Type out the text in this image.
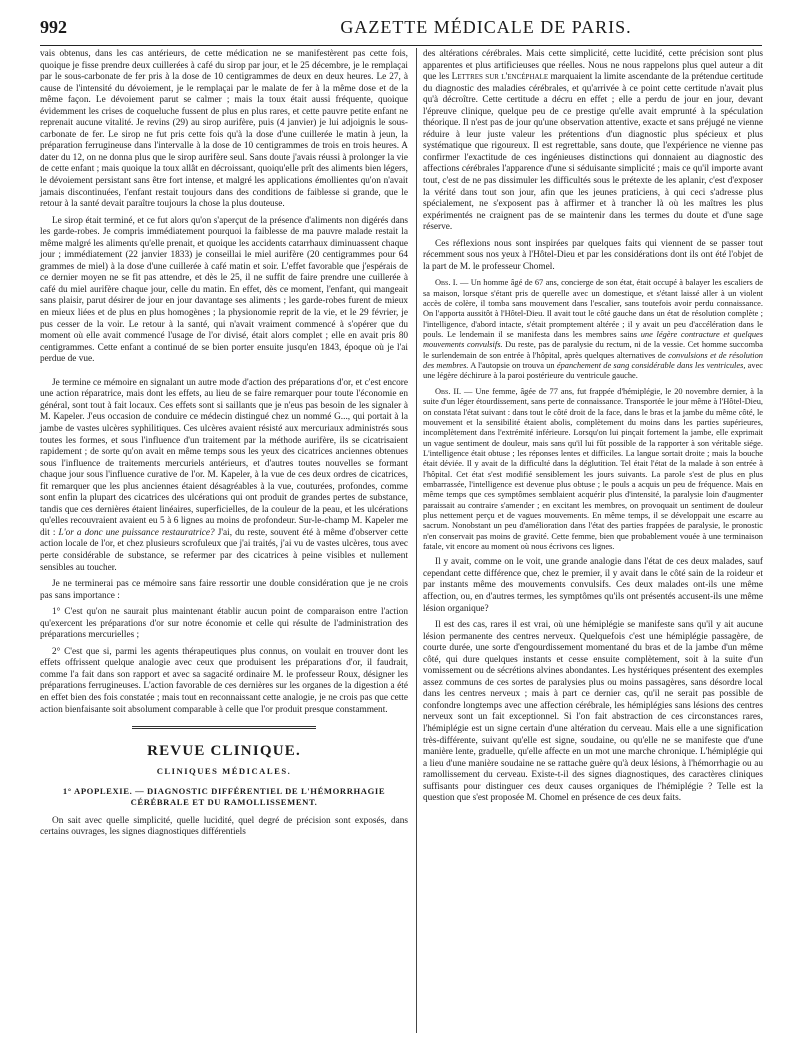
992	GAZETTE MÉDICALE DE PARIS.

vais obtenus, dans les cas antérieurs, de cette médication ne se manifestèrent pas cette fois, quoique je fisse prendre deux cuillerées à café du sirop par jour, et le 25 décembre, je le remplaçai par le sous-carbonate de fer pris à la dose de 10 centigrammes de deux en deux heures. Le 27, à cause de l'intensité du dévoiement, je le remplaçai par le malate de fer à la même dose et de la même façon. Le dévoiement parut se calmer ; mais la toux était aussi fréquente, quoique évidemment les crises de coqueluche fussent de plus en plus rares, et cette pauvre petite enfant ne reprenait aucune vitalité. Je revins (29) au sirop aurifère, puis (4 janvier) je lui adjoignis le sous-carbonate de fer. Le sirop ne fut pris cette fois qu'à la dose d'une cuillerée le matin à jeun, la préparation ferrugineuse dans l'intervalle à la dose de 10 centigrammes de trois en trois heures. A dater du 12, on ne donna plus que le sirop aurifère seul. Sans doute j'avais réussi à prolonger la vie de cette enfant ; mais quoique la toux allât en décroissant, quoiqu'elle prît des aliments bien légers, le dévoiement persistant sans être fort intense, et malgré les applications émollientes qu'on n'avait jamais discontinuées, l'enfant restait toujours dans des conditions de faiblesse si grande, que le retour à la santé devait paraître toujours la chose la plus douteuse.

Le sirop était terminé, et ce fut alors qu'on s'aperçut de la présence d'aliments non digérés dans les garde-robes. Je compris immédiatement pourquoi la faiblesse de ma pauvre malade restait la même malgré les aliments qu'elle prenait, et quoique les accidents catarrhaux diminuassent chaque jour ; immédiatement (22 janvier 1833) je conseillai le miel aurifère (20 centigrammes pour 64 grammes de miel) à la dose d'une cuillerée à café matin et soir. L'effet favorable que j'espérais de ce dernier moyen ne se fit pas attendre, et dès le 25, il ne suffit de faire prendre une cuillerée à café du miel aurifère chaque jour, celle du matin. En effet, dès ce moment, l'enfant, qui mangeait sans plaisir, parut désirer de jour en jour davantage ses aliments ; les garde-robes furent de mieux en mieux liées et de plus en plus homogènes ; la physionomie reprit de la vie, et le 29 février, je pus cesser de la voir. Le retour à la santé, qui n'avait vraiment commencé à s'opérer que du moment où elle avait commencé l'usage de l'or divisé, était alors complet ; elle en avait pris 80 centigrammes. Cette enfant a continué de se bien porter ensuite jusqu'en 1843, époque où je l'ai perdue de vue.

Je termine ce mémoire en signalant un autre mode d'action des préparations d'or, et c'est encore une action réparatrice, mais dont les effets, au lieu de se faire remarquer pour toute l'économie en général, sont tout à fait locaux. Ces effets sont si saillants que je n'eus pas besoin de les signaler à M. Kapeler. J'eus occasion de conduire ce médecin distingué chez un nommé G..., qui portait à la jambe de vastes ulcères syphilitiques. Ces ulcères avaient résisté aux mercuriaux administrés sous toutes les formes, et sous l'influence d'un traitement par la méthode aurifère, ils se cicatrisaient rapidement ; de sorte qu'on avait en même temps sous les yeux des cicatrices anciennes obtenues sous l'influence de traitements mercuriels antérieurs, et d'autres toutes nouvelles se formant chaque jour sous l'influence curative de l'or. M. Kapeler, à la vue de ces deux ordres de cicatrices, fit remarquer que les plus anciennes étaient désagréables à la vue, couturées, profondes, comme sont enfin la plupart des cicatrices des ulcérations qui ont produit de grandes pertes de substance, tandis que ces dernières étaient linéaires, superficielles, de la couleur de la peau, et les ulcérations qu'elles recouvraient avaient eu 5 à 6 lignes au moins de profondeur. Sur-le-champ M. Kapeler me dit : L'or a donc une puissance restauratrice? J'ai, du reste, souvent été à même d'observer cette action locale de l'or, et chez plusieurs scrofuleux que j'ai traités, j'ai vu de vastes ulcères, tous avec perte considérable de substance, se refermer par des cicatrices à peine visibles et nullement sensibles au toucher.

Je ne terminerai pas ce mémoire sans faire ressortir une double considération que je ne crois pas sans importance :

1° C'est qu'on ne saurait plus maintenant établir aucun point de comparaison entre l'action qu'exercent les préparations d'or sur notre économie et celle qui résulte de l'administration des préparations mercurielles ;

2° C'est que si, parmi les agents thérapeutiques plus connus, on voulait en trouver dont les effets offrissent quelque analogie avec ceux que produisent les préparations d'or, il faudrait, comme l'a fait dans son rapport et avec sa sagacité ordinaire M. le professeur Roux, désigner les préparations ferrugineuses. L'action favorable de ces dernières sur les organes de la digestion a été en effet bien des fois constatée ; mais tout en reconnaissant cette analogie, je ne crois pas que cette action bienfaisante soit absolument comparable à celle que l'or produit presque constamment.

REVUE CLINIQUE.
CLINIQUES MÉDICALES.
1° APOPLEXIE. — DIAGNOSTIC DIFFÉRENTIEL DE L'HÉMORRHAGIE CÉRÉBRALE ET DU RAMOLLISSEMENT.

On sait avec quelle simplicité, quelle lucidité, quel degré de précision sont exposés, dans certains ouvrages, les signes diagnostiques différentiels

des altérations cérébrales. Mais cette simplicité, cette lucidité, cette précision sont plus apparentes et plus artificieuses que réelles. Nous ne nous rappelons plus quel auteur a dit que les Lettres sur l'encéphale marquaient la limite ascendante de la prétendue certitude du diagnostic des maladies cérébrales, et qu'arrivée à ce point cette certitude n'avait plus qu'à décroître. Cette certitude a décru en effet ; elle a perdu de jour en jour, devant l'épreuve clinique, quelque peu de ce prestige qu'elle avait emprunté à la spéculation théorique. Il n'est pas de jour qu'une observation attentive, exacte et sans préjugé ne vienne réduire à leur juste valeur les prétentions d'un diagnostic plus spécieux et plus systématique que rigoureux. Il est regrettable, sans doute, que l'expérience ne vienne pas confirmer l'exactitude de ces ingénieuses distinctions qui donnaient au diagnostic des affections cérébrales l'apparence d'une si séduisante simplicité ; mais ce qu'il importe avant tout, c'est de ne pas dissimuler les difficultés sous le prétexte de les aplanir, c'est d'exposer la vérité dans tout son jour, afin que les jeunes praticiens, à qui ceci s'adresse plus spécialement, ne s'exposent pas à affirmer et à trancher là où les maîtres les plus expérimentés ne craignent pas de se maintenir dans les termes du doute et d'une sage réserve.

Ces réflexions nous sont inspirées par quelques faits qui viennent de se passer tout récemment sous nos yeux à l'Hôtel-Dieu et par les considérations dont ils ont été l'objet de la part de M. le professeur Chomel.

Obs. I. — Un homme âgé de 67 ans, concierge de son état, était occupé à balayer les escaliers de sa maison, lorsque s'étant pris de querelle avec un domestique, et s'étant laissé aller à un violent accès de colère, il tomba sans mouvement dans l'escalier, sans toutefois avoir perdu connaissance. On l'apporta aussitôt à l'Hôtel-Dieu. Il avait tout le côté gauche dans un état de résolution complète ; l'intelligence, d'abord intacte, s'était promptement altérée ; il y avait un peu d'accélération dans le pouls. Le lendemain il se manifesta dans les membres sains une légère contracture et quelques mouvements convulsifs. Du reste, pas de paralysie du rectum, ni de la vessie. Cet homme succomba le surlendemain de son entrée à l'hôpital, après quelques alternatives de convulsions et de résolution des membres. A l'autopsie on trouva un épanchement de sang considérable dans les ventricules, avec une légère déchirure à la paroi postérieure du ventricule gauche.

Obs. II. — Une femme, âgée de 77 ans, fut frappée d'hémiplégie, le 20 novembre dernier, à la suite d'un léger étourdissement, sans perte de connaissance. Transportée le jour même à l'Hôtel-Dieu, on constata l'état suivant : dans tout le côté droit de la face, dans le bras et la jambe du même côté, le mouvement et la sensibilité étaient abolis, complètement du moins dans les parties supérieures, incomplètement dans l'extrémité inférieure. Lorsqu'on lui pinçait fortement la jambe, elle exprimait un vague sentiment de douleur, mais sans qu'il lui fût possible de la rapporter à son véritable siége. L'intelligence était obtuse ; les réponses lentes et difficiles. La langue sortait droite ; mais la bouche était déviée. Il y avait de la difficulté dans la déglutition. Tel était l'état de la malade à son entrée à l'hôpital. Cet état s'est modifié sensiblement les jours suivants. La parole s'est de plus en plus embarrassée, l'intelligence est devenue plus obtuse ; le pouls a acquis un peu de fréquence. Mais en même temps que ces symptômes semblaient acquérir plus d'intensité, la paralysie loin d'augmenter paraissait au contraire s'amender ; en excitant les membres, on provoquait un sentiment de douleur plus nettement perçu et de vagues mouvements. En même temps, il se développait une escarre au sacrum. Nonobstant un peu d'amélioration dans l'état des parties frappées de paralysie, le pronostic n'en conservait pas moins de gravité. Cette femme, bien que probablement vouée à une terminaison fatale, vit encore au moment où nous écrivons ces lignes.

Il y avait, comme on le voit, une grande analogie dans l'état de ces deux malades, sauf cependant cette différence que, chez le premier, il y avait dans le côté sain de la roideur et par instants même des mouvements convulsifs. Ces deux malades ont-ils une même affection, ou, en d'autres termes, les symptômes qu'ils ont présentés accusent-ils une même lésion organique?

Il est des cas, rares il est vrai, où une hémiplégie se manifeste sans qu'il y ait aucune lésion permanente des centres nerveux. Quelquefois c'est une hémiplégie passagère, de courte durée, une sorte d'engourdissement momentané du bras et de la jambe d'un même côté, qui dure quelques instants et cesse ensuite complètement, soit à la suite d'un vomissement ou de sécrétions alvines abondantes. Les hystériques présentent des exemples assez communs de ces sortes de paralysies plus ou moins passagères, sans désordre local dans les centres nerveux ; mais à part ce dernier cas, qu'il ne serait pas possible de confondre longtemps avec une affection cérébrale, les hémiplégies sans lésions des centres nerveux sont un fait exceptionnel. Si l'on fait abstraction de ces circonstances rares, l'hémiplégie est un signe certain d'une altération du cerveau. Mais elle a une signification très-différente, suivant qu'elle est signe, soudaine, ou qu'elle ne se manifeste que d'une manière lente, graduelle, qu'elle affecte en un mot une marche chronique. L'hémiplégie qui a lieu d'une manière soudaine ne se rattache guère qu'à deux lésions, à l'hémorrhagie ou au ramollissement du cerveau. Existe-t-il des signes diagnostiques, des caractères cliniques suffisants pour distinguer ces deux causes organiques de l'hémiplégie ? Telle est la question que s'est proposée M. Chomel en présence de ces deux faits.
